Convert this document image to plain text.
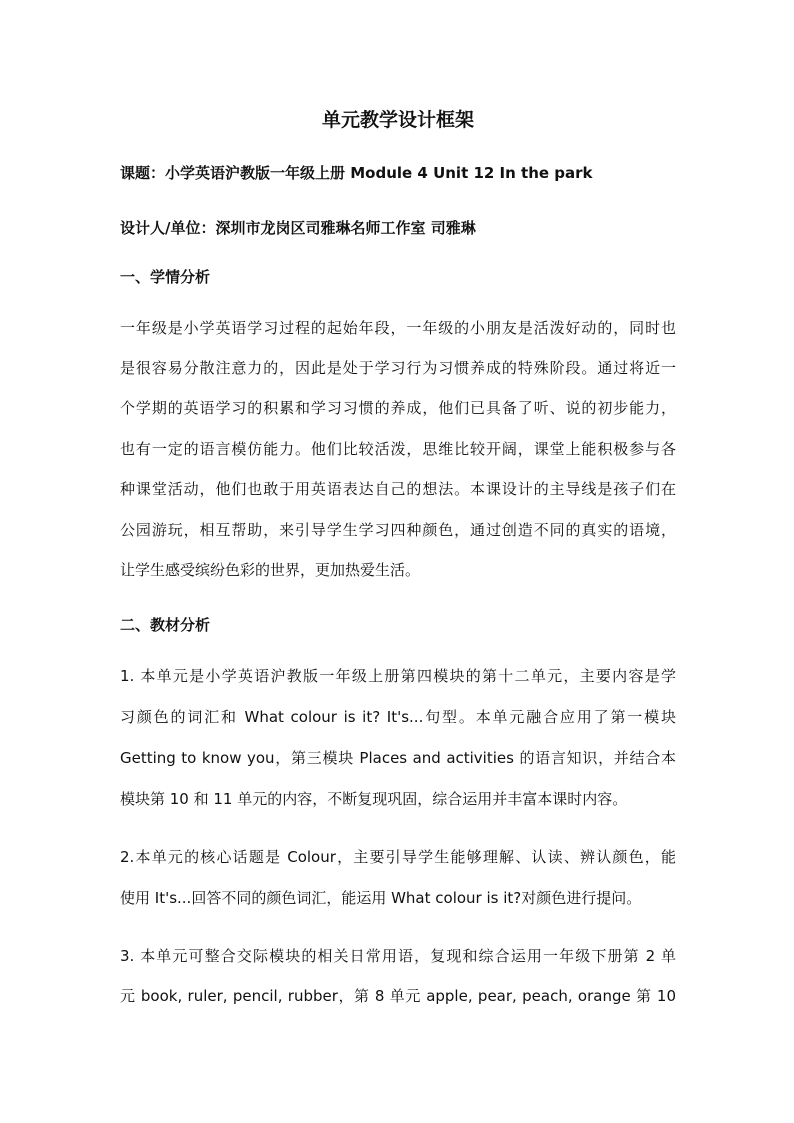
单元教学设计框架
课题：小学英语沪教版一年级上册 Module 4 Unit 12 In the park
设计人/单位：深圳市龙岗区司雅琳名师工作室 司雅琳
一、学情分析
一年级是小学英语学习过程的起始年段，一年级的小朋友是活泼好动的，同时也
是很容易分散注意力的，因此是处于学习行为习惯养成的特殊阶段。通过将近一
个学期的英语学习的积累和学习习惯的养成，他们已具备了听、说的初步能力，
也有一定的语言模仿能力。他们比较活泼，思维比较开阔，课堂上能积极参与各
种课堂活动，他们也敢于用英语表达自己的想法。本课设计的主导线是孩子们在
公园游玩，相互帮助，来引导学生学习四种颜色，通过创造不同的真实的语境，
让学生感受缤纷色彩的世界，更加热爱生活。
二、教材分析
1. 本单元是小学英语沪教版一年级上册第四模块的第十二单元，主要内容是学
习颜色的词汇和 What colour is it? It's...句型。本单元融合应用了第一模块
Getting to know you，第三模块 Places and activities 的语言知识，并结合本
模块第 10 和 11 单元的内容，不断复现巩固，综合运用并丰富本课时内容。
2.本单元的核心话题是 Colour，主要引导学生能够理解、认读、辨认颜色，能
使用 It's...回答不同的颜色词汇，能运用 What colour is it?对颜色进行提问。
3. 本单元可整合交际模块的相关日常用语，复现和综合运用一年级下册第 2 单
元 book, ruler, pencil, rubber，第 8 单元 apple, pear, peach, orange 第 10
